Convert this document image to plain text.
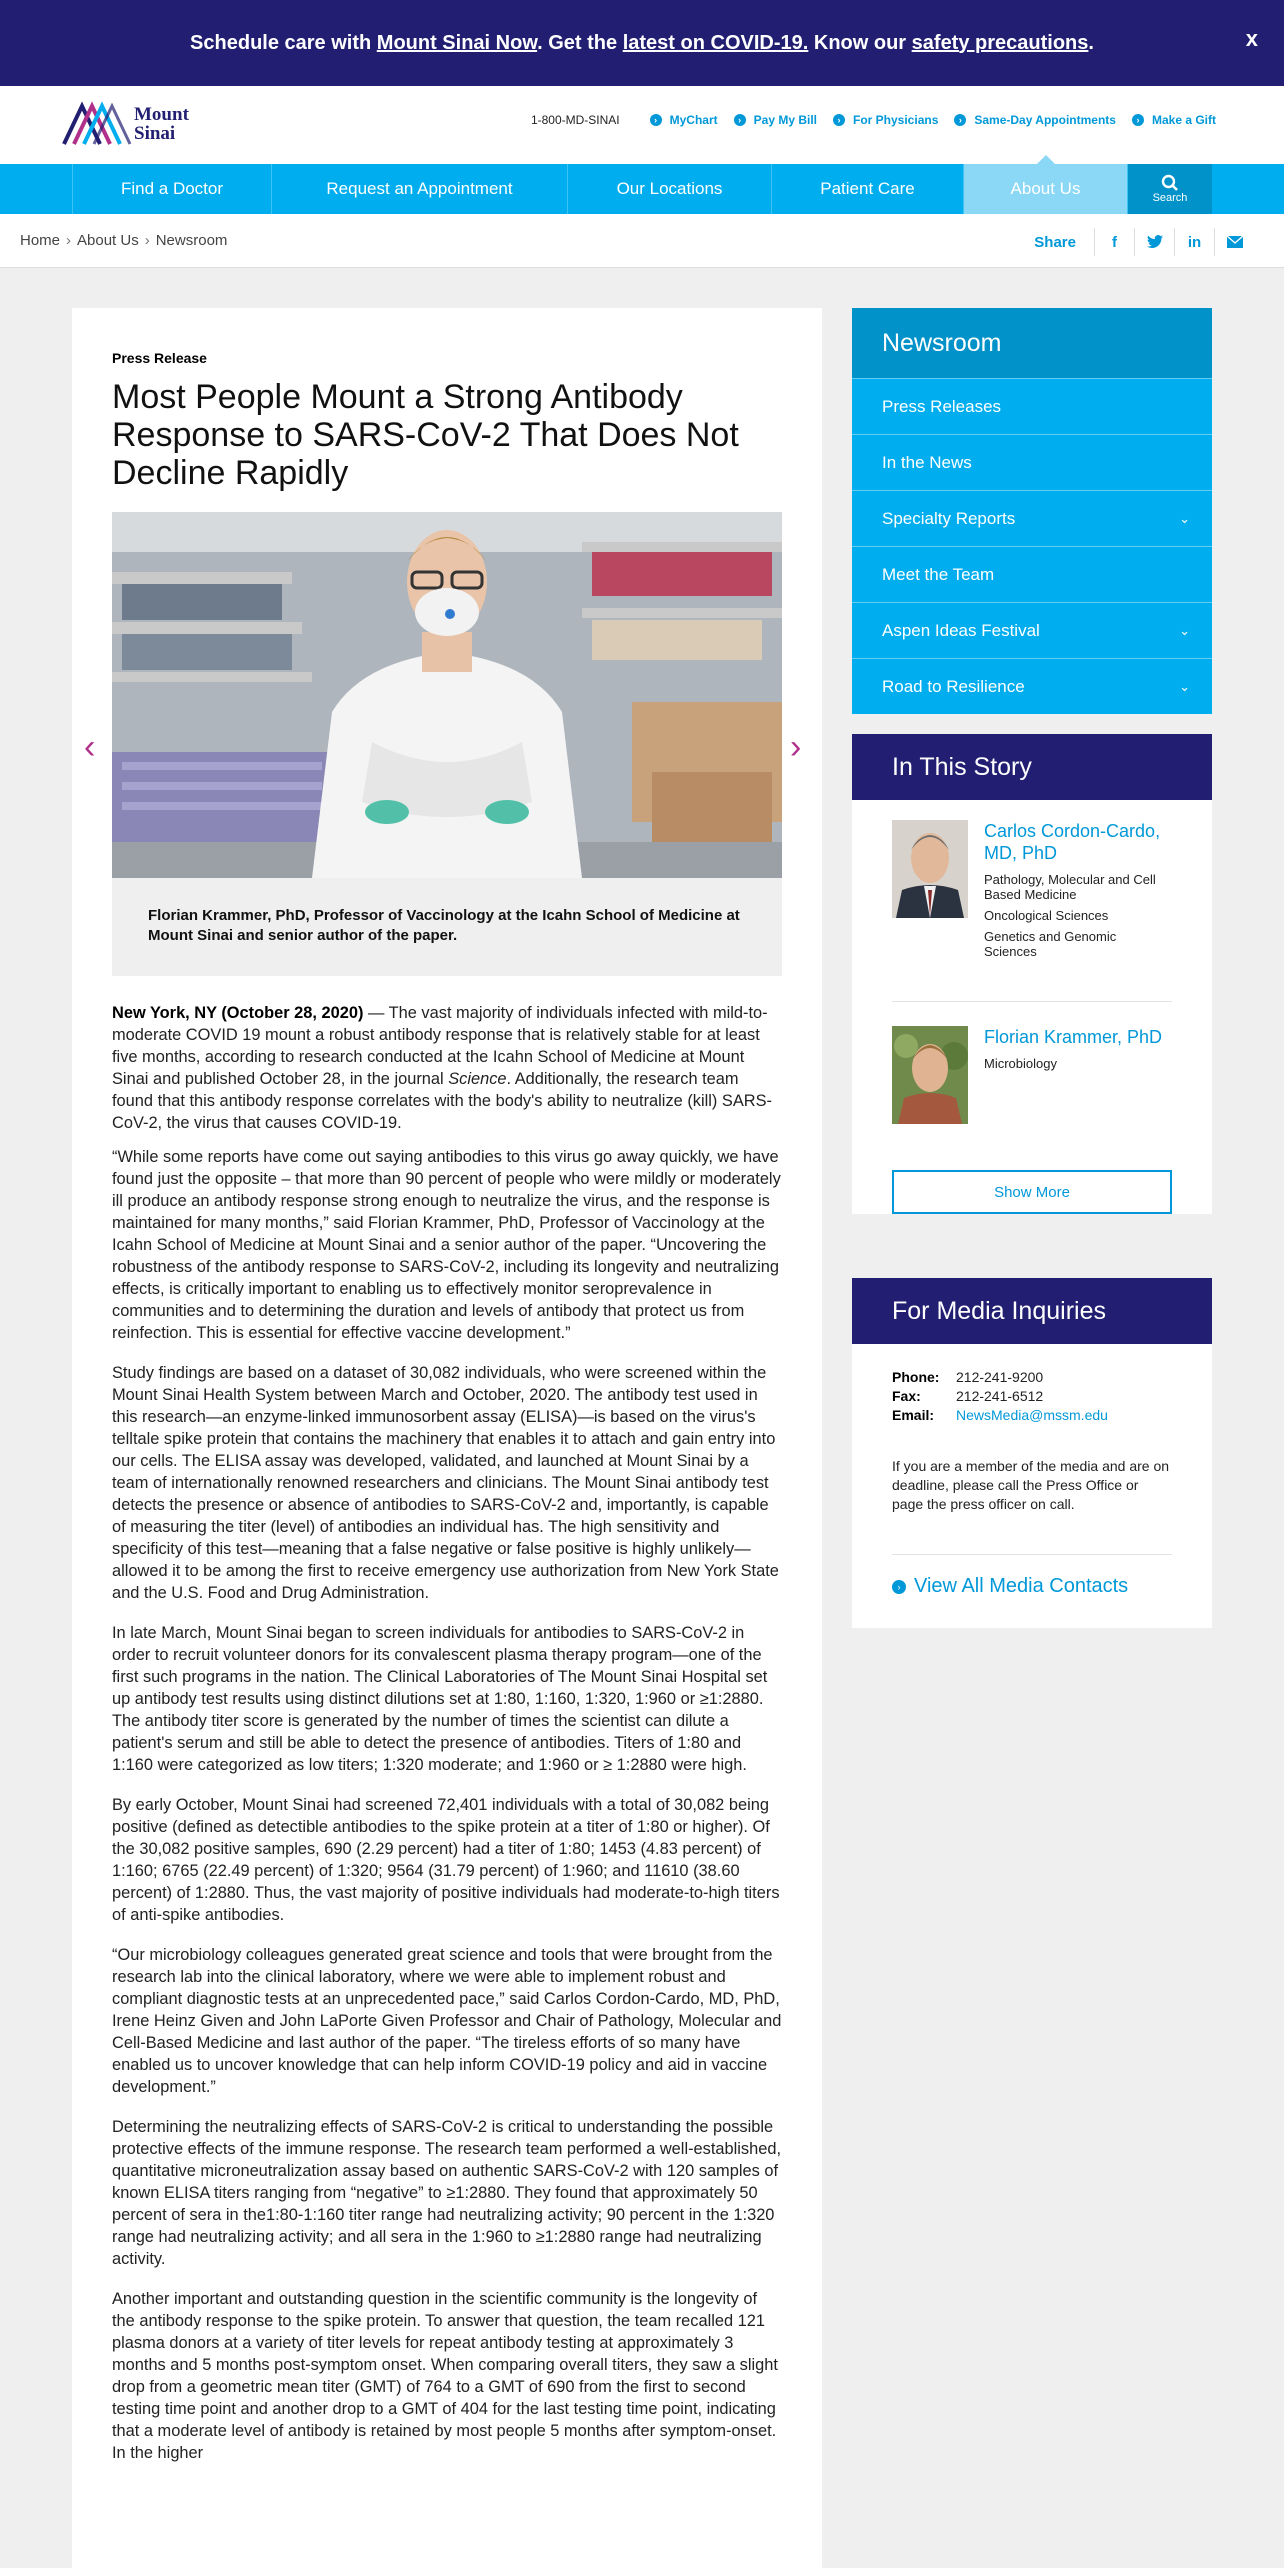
Schedule care with Mount Sinai Now. Get the latest on COVID-19. Know our safety precautions.	x
Mount
Sinai
1-800-MD-SINAI	›	MyChart	›	Pay My Bill	›	For Physicians	›	Same-Day Appointments	›	Make a Gift
Find a Doctor	Request an Appointment	Our Locations	Patient Care	About Us	Search
Home › About Us › Newsroom	Share	f	in
Press Release
Most People Mount a Strong Antibody Response to SARS-CoV-2 That Does Not Decline Rapidly
‹	›
Florian Krammer, PhD, Professor of Vaccinology at the Icahn School of Medicine at Mount Sinai and senior author of the paper.

New York, NY (October 28, 2020) — The vast majority of individuals infected with mild-to-moderate COVID 19 mount a robust antibody response that is relatively stable for at least five months, according to research conducted at the Icahn School of Medicine at Mount Sinai and published October 28, in the journal Science. Additionally, the research team found that this antibody response correlates with the body's ability to neutralize (kill) SARS-CoV-2, the virus that causes COVID-19.

“While some reports have come out saying antibodies to this virus go away quickly, we have found just the opposite – that more than 90 percent of people who were mildly or moderately ill produce an antibody response strong enough to neutralize the virus, and the response is maintained for many months,” said Florian Krammer, PhD, Professor of Vaccinology at the Icahn School of Medicine at Mount Sinai and a senior author of the paper. “Uncovering the robustness of the antibody response to SARS-CoV-2, including its longevity and neutralizing effects, is critically important to enabling us to effectively monitor seroprevalence in communities and to determining the duration and levels of antibody that protect us from reinfection. This is essential for effective vaccine development.”

Study findings are based on a dataset of 30,082 individuals, who were screened within the Mount Sinai Health System between March and October, 2020. The antibody test used in this research—an enzyme-linked immunosorbent assay (ELISA)—is based on the virus's telltale spike protein that contains the machinery that enables it to attach and gain entry into our cells. The ELISA assay was developed, validated, and launched at Mount Sinai by a team of internationally renowned researchers and clinicians. The Mount Sinai antibody test detects the presence or absence of antibodies to SARS-CoV-2 and, importantly, is capable of measuring the titer (level) of antibodies an individual has. The high sensitivity and specificity of this test—meaning that a false negative or false positive is highly unlikely—allowed it to be among the first to receive emergency use authorization from New York State and the U.S. Food and Drug Administration.

In late March, Mount Sinai began to screen individuals for antibodies to SARS-CoV-2 in order to recruit volunteer donors for its convalescent plasma therapy program—one of the first such programs in the nation. The Clinical Laboratories of The Mount Sinai Hospital set up antibody test results using distinct dilutions set at 1:80, 1:160, 1:320, 1:960 or ≥1:2880. The antibody titer score is generated by the number of times the scientist can dilute a patient's serum and still be able to detect the presence of antibodies. Titers of 1:80 and 1:160 were categorized as low titers; 1:320 moderate; and 1:960 or ≥ 1:2880 were high.

By early October, Mount Sinai had screened 72,401 individuals with a total of 30,082 being positive (defined as detectible antibodies to the spike protein at a titer of 1:80 or higher). Of the 30,082 positive samples, 690 (2.29 percent) had a titer of 1:80; 1453 (4.83 percent) of 1:160; 6765 (22.49 percent) of 1:320; 9564 (31.79 percent) of 1:960; and 11610 (38.60 percent) of 1:2880. Thus, the vast majority of positive individuals had moderate-to-high titers of anti-spike antibodies.

“Our microbiology colleagues generated great science and tools that were brought from the research lab into the clinical laboratory, where we were able to implement robust and compliant diagnostic tests at an unprecedented pace,” said Carlos Cordon-Cardo, MD, PhD, Irene Heinz Given and John LaPorte Given Professor and Chair of Pathology, Molecular and Cell-Based Medicine and last author of the paper. “The tireless efforts of so many have enabled us to uncover knowledge that can help inform COVID-19 policy and aid in vaccine development.”

Determining the neutralizing effects of SARS-CoV-2 is critical to understanding the possible protective effects of the immune response. The research team performed a well-established, quantitative microneutralization assay based on authentic SARS-CoV-2 with 120 samples of known ELISA titers ranging from “negative” to ≥1:2880. They found that approximately 50 percent of sera in the1:80-1:160 titer range had neutralizing activity; 90 percent in the 1:320 range had neutralizing activity; and all sera in the 1:960 to ≥1:2880 range had neutralizing activity.

Another important and outstanding question in the scientific community is the longevity of the antibody response to the spike protein. To answer that question, the team recalled 121 plasma donors at a variety of titer levels for repeat antibody testing at approximately 3 months and 5 months post-symptom onset. When comparing overall titers, they saw a slight drop from a geometric mean titer (GMT) of 764 to a GMT of 690 from the first to second testing time point and another drop to a GMT of 404 for the last testing time point, indicating that a moderate level of antibody is retained by most people 5 months after symptom-onset. In the higher

Newsroom
Press Releases
In the News
Specialty Reports	⌄
Meet the Team
Aspen Ideas Festival	⌄
Road to Resilience	⌄
In This Story
Carlos Cordon-Cardo, MD, PhD
Pathology, Molecular and Cell Based Medicine
Oncological Sciences
Genetics and Genomic Sciences
Florian Krammer, PhD
Microbiology
Show More
For Media Inquiries
Phone:	212-241-9200
Fax:	212-241-6512
Email:	NewsMedia@mssm.edu
If you are a member of the media and are on deadline, please call the Press Office or page the press officer on call.
› View All Media Contacts
